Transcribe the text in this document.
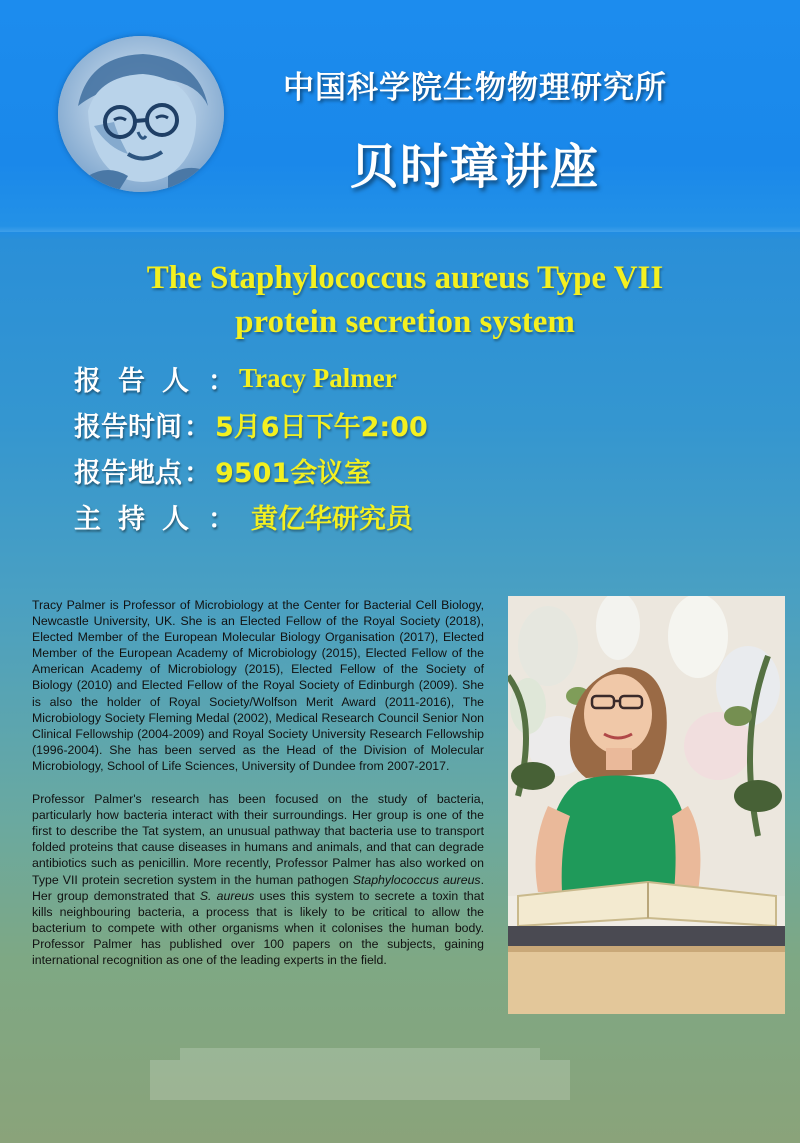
中国科学院生物物理研究所
贝时璋讲座
The Staphylococcus aureus Type VII
protein secretion system
报告人 ： Tracy Palmer
报告时间 ： 5月6日下午2:00
报告地点 ： 9501会议室
主持人 ： 黄亿华研究员

Tracy Palmer is Professor of Microbiology at the Center for Bacterial Cell Biology, Newcastle University, UK. She is an Elected Fellow of the Royal Society (2018), Elected Member of the European Molecular Biology Organisation (2017), Elected Member of the European Academy of Microbiology (2015), Elected Fellow of the American Academy of Microbiology (2015), Elected Fellow of the Society of Biology (2010) and Elected Fellow of the Royal Society of Edinburgh (2009). She is also the holder of Royal Society/Wolfson Merit Award (2011-2016), The Microbiology Society Fleming Medal (2002), Medical Research Council Senior Non Clinical Fellowship (2004-2009) and Royal Society University Research Fellowship (1996-2004). She has been served as the Head of the Division of Molecular Microbiology, School of Life Sciences, University of Dundee from 2007-2017.

Professor Palmer's research has been focused on the study of bacteria, particularly how bacteria interact with their surroundings. Her group is one of the first to describe the Tat system, an unusual pathway that bacteria use to transport folded proteins that cause diseases in humans and animals, and that can degrade antibiotics such as penicillin. More recently, Professor Palmer has also worked on Type VII protein secretion system in the human pathogen Staphylococcus aureus. Her group demonstrated that S. aureus uses this system to secrete a toxin that kills neighbouring bacteria, a process that is likely to be critical to allow the bacterium to compete with other organisms when it colonises the human body. Professor Palmer has published over 100 papers on the subjects, gaining international recognition as one of the leading experts in the field.
